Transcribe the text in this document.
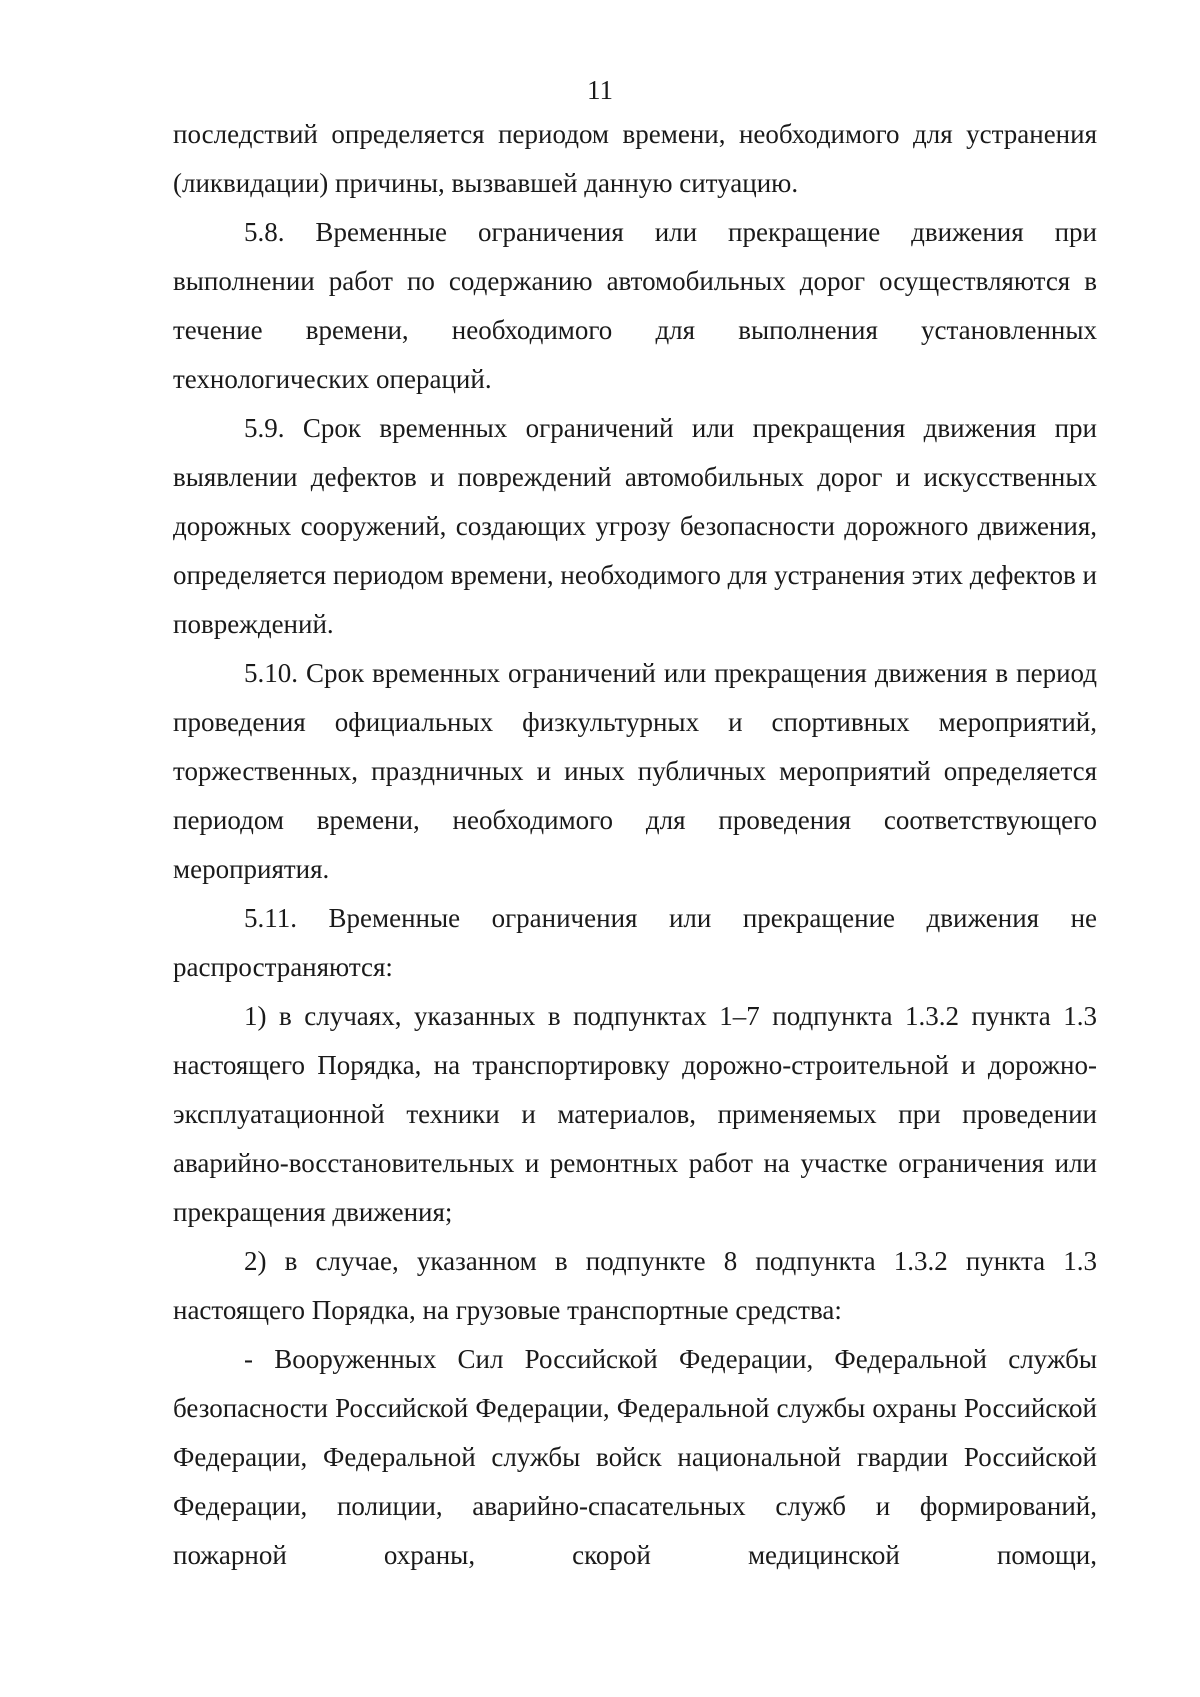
11

последствий определяется периодом времени, необходимого для устранения (ликвидации) причины, вызвавшей данную ситуацию.

5.8. Временные ограничения или прекращение движения при выполнении работ по содержанию автомобильных дорог осуществляются в течение времени, необходимого для выполнения установленных технологических операций.

5.9. Срок временных ограничений или прекращения движения при выявлении дефектов и повреждений автомобильных дорог и искусственных дорожных сооружений, создающих угрозу безопасности дорожного движения, определяется периодом времени, необходимого для устранения этих дефектов и повреждений.

5.10. Срок временных ограничений или прекращения движения в период проведения официальных физкультурных и спортивных мероприятий, торжественных, праздничных и иных публичных мероприятий определяется периодом времени, необходимого для проведения соответствующего мероприятия.

5.11. Временные ограничения или прекращение движения не распространяются:

1) в случаях, указанных в подпунктах 1–7 подпункта 1.3.2 пункта 1.3 настоящего Порядка, на транспортировку дорожно-строительной и дорожно-эксплуатационной техники и материалов, применяемых при проведении аварийно-восстановительных и ремонтных работ на участке ограничения или прекращения движения;

2) в случае, указанном в подпункте 8 подпункта 1.3.2 пункта 1.3 настоящего Порядка, на грузовые транспортные средства:

- Вооруженных Сил Российской Федерации, Федеральной службы безопасности Российской Федерации, Федеральной службы охраны Российской Федерации, Федеральной службы войск национальной гвардии Российской Федерации, полиции, аварийно-спасательных служб и формирований, пожарной охраны, скорой медицинской помощи,
